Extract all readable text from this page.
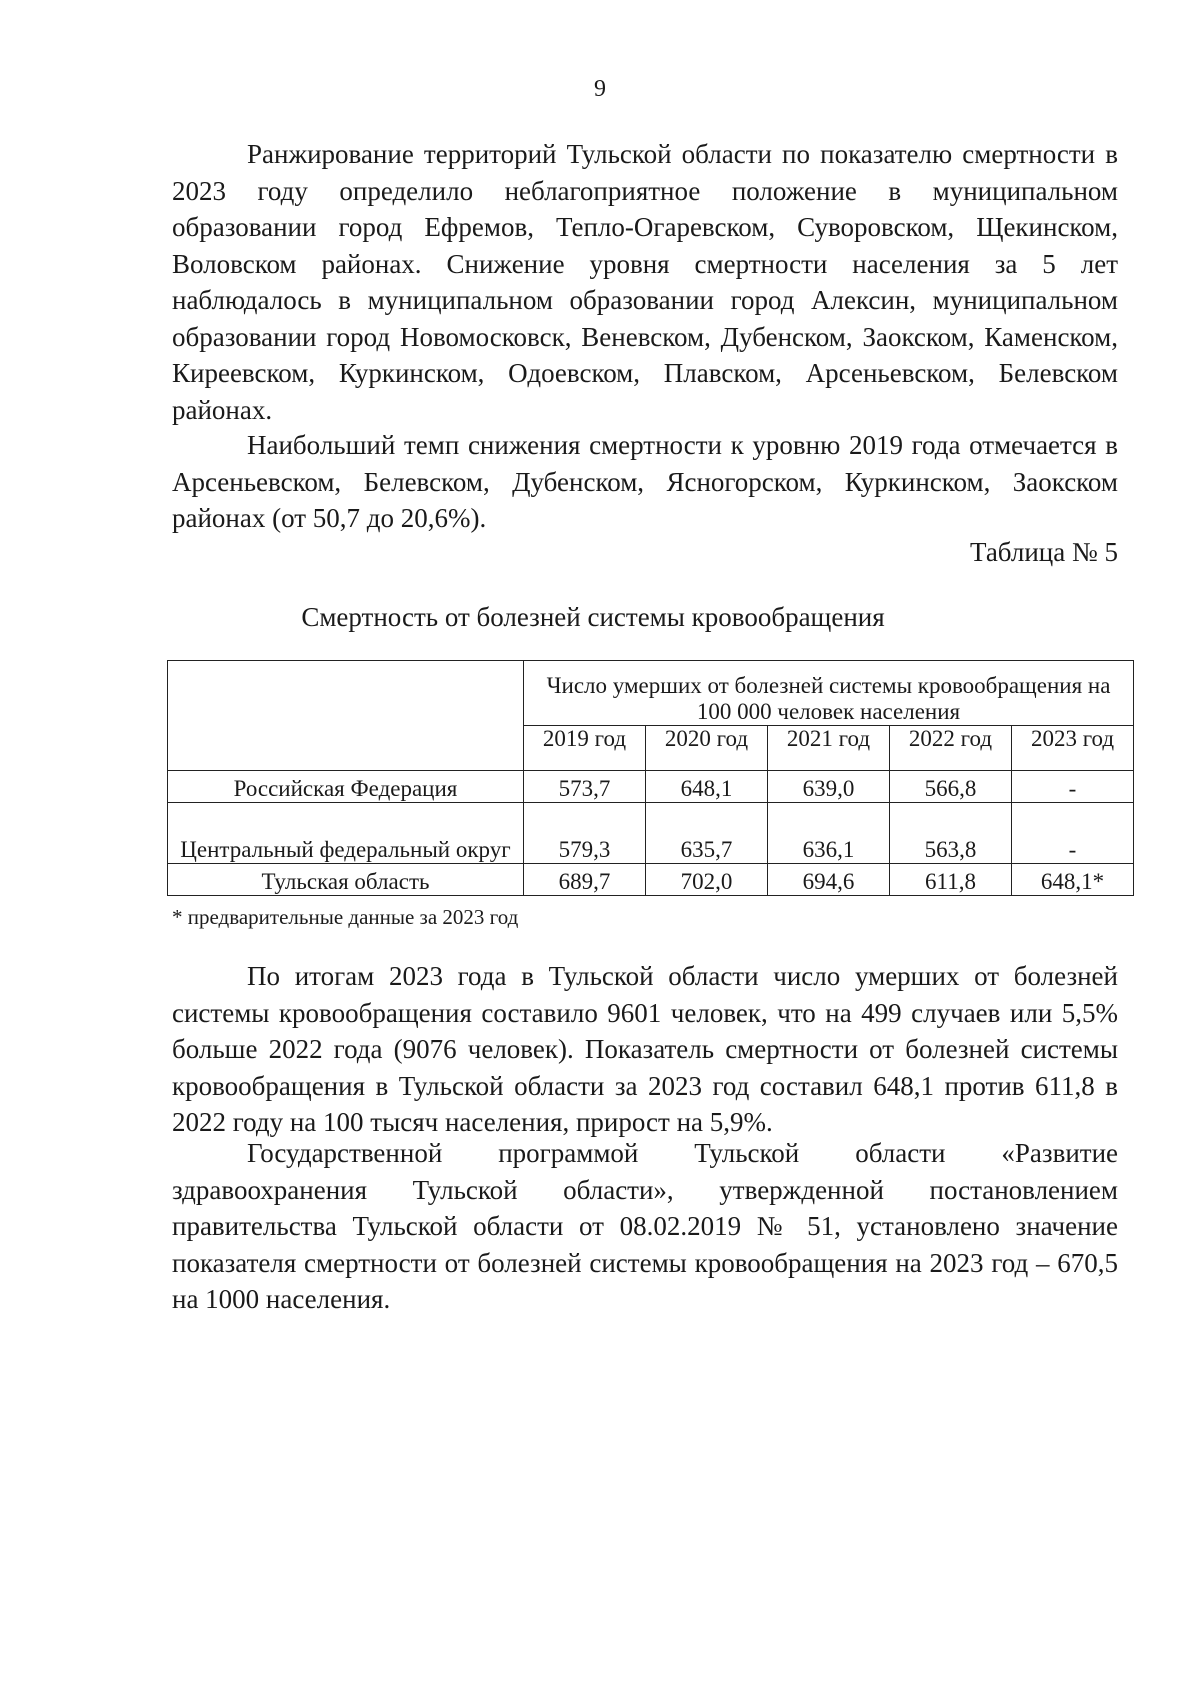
9

Ранжирование территорий Тульской области по показателю смертности в 2023 году определило неблагоприятное положение в муниципальном образовании город Ефремов, Тепло-Огаревском, Суворовском, Щекинском, Воловском районах. Снижение уровня смертности населения за 5 лет наблюдалось в муниципальном образовании город Алексин, муниципальном образовании город Новомосковск, Веневском, Дубенском, Заокском, Каменском, Киреевском, Куркинском, Одоевском, Плавском, Арсеньевском, Белевском районах.

Наибольший темп снижения смертности к уровню 2019 года отмечается в Арсеньевском, Белевском, Дубенском, Ясногорском, Куркинском, Заокском районах (от 50,7 до 20,6%).

Таблица № 5
Смертность от болезней системы кровообращения
	Число умерших от болезней системы кровообращения на 100 000 человек населения				
	2019 год	2020 год	2021 год	2022 год	2023 год
Российская Федерация	573,7	648,1	639,0	566,8	-
Центральный федеральный округ	579,3	635,7	636,1	563,8	-
Тульская область	689,7	702,0	694,6	611,8	648,1*
* предварительные данные за 2023 год

По итогам 2023 года в Тульской области число умерших от болезней системы кровообращения составило 9601 человек, что на 499 случаев или 5,5% больше 2022 года (9076 человек). Показатель смертности от болезней системы кровообращения в Тульской области за 2023 год составил 648,1 против 611,8 в 2022 году на 100 тысяч населения, прирост на 5,9%.

Государственной программой Тульской области «Развитие здравоохранения Тульской области», утвержденной постановлением правительства Тульской области от 08.02.2019 № 51, установлено значение показателя смертности от болезней системы кровообращения на 2023 год – 670,5 на 1000 населения.
